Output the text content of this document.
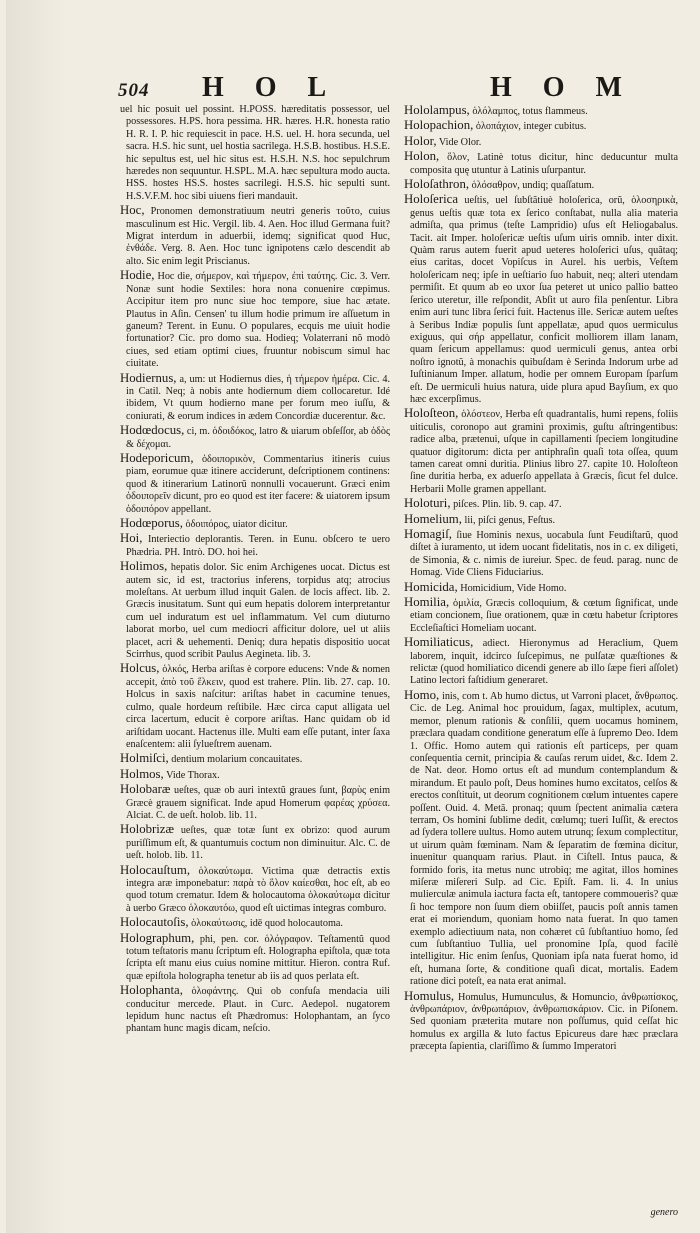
504 H O L	H O M
uel hic posuit uel possint. H.POSS. hæreditatis possessor, uel possessores. H.PS. hora pessima. HR. hæres. H.R. honesta ratio H. R. I. P. hic requiescit in pace. H.S. uel. H. hora secunda, uel sacra. H.S. hic sunt, uel hostia sacrilega. H.S.B. hostibus. H.S.E. hic sepultus est, uel hic situs est. H.S.H. N.S. hoc sepulchrum hæredes non sequuntur. H.SPL. M.A. hæc sepultura modo aucta. HSS. hostes HS.S. hostes sacrilegi. H.S.S. hic sepulti sunt. H.S.V.F.M. hoc sibi uiuens fieri mandauit.
Hoc, Pronomen demonstratiuum neutri generis τοῦτο, cuius masculinum est Hic. Vergil. lib. 4. Aen. Hoc illud Germana fuit? Migrat interdum in aduerbii, idemq; significat quod Huc, ἐνθάδε. Verg. 8. Aen. Hoc tunc ignipotens cælo descendit ab alto. Sic enim legit Priscianus.
Hodie, Hoc die, σήμερον, καὶ τήμερον, ἐπὶ ταύτης. Cic. 3. Verr. Nonæ sunt hodie Sextiles: hora nona conuenire cœpimus. Accipitur item pro nunc siue hoc tempore, siue hac ætate. Plautus in Aſin. Censen' tu illum hodie primum ire aſſuetum in ganeum? Terent. in Eunu. O populares, ecquis me uiuit hodie fortunatior? Cic. pro domo sua. Hodieq; Volaterrani nõ modò ciues, sed etiam optimi ciues, fruuntur nobiscum simul hac ciuitate.
Hodiernus, a, um: ut Hodiernus dies, ἡ τήμερον ἡμέρα. Cic. 4. in Catil. Neq; à nobis ante hodiernum diem collocaretur. Idé ibidem, Vt quum hodierno mane per forum meo iuſſu, & coniurati, & eorum indices in ædem Concordiæ ducerentur. &c.
Hodœdocus, ci, m. ὁδοιδόκος, latro & uiarum obſeſſor, ab ὁδὸς & δέχομαι.
Hodeporicum, ὁδοιπορικὸν, Commentarius itineris cuius piam, eorumue quæ itinere acciderunt, deſcriptionem continens: quod & itinerarium Latinorũ nonnulli vocauerunt. Græci enim ὁδοιπορεῖν dicunt, pro eo quod est iter facere: & uiatorem ipsum ὁδοιπόρον appellant.
Hodœporus, ὁδοιπόρος, uiator dicitur.
Hoi, Interiectio deplorantis. Teren. in Eunu. obſcero te uero Phædria. PH. Intrò. DO. hoi hei.
Holimos, hepatis dolor. Sic enim Archigenes uocat. Dictus est autem sic, id est, tractorius inferens, torpidus atq; atrocius moleſtans. At uerbum illud inquit Galen. de locis affect. lib. 2. Græcis inusitatum. Sunt qui eum hepatis dolorem interpretantur cum uel induratum est uel inflammatum. Vel cum diuturno laborat morbo, uel cum mediocri afficitur dolore, uel ut aliis placet, acri & uehementi. Deniq; dura hepatis dispositio uocat Scirrhus, quod scribit Paulus Aegineta. lib. 3.
Holcus, ὁλκός, Herba ariſtas è corpore educens: Vnde & nomen accepit, ἀπὸ τοῦ ἕλκειν, quod est trahere. Plin. lib. 27. cap. 10. Holcus in saxis naſcitur: ariſtas habet in cacumine tenues, culmo, quale hordeum reſtibile. Hæc circa caput alligata uel circa lacertum, educit è corpore ariſtas. Hanc quidam ob id ariſtidam uocant. Hactenus ille. Multi eam eſſe putant, inter ſaxa enaſcentem: alii ſylueſtrem auenam.
Holmiſci, dentium molarium concauitates.
Holmos, Vide Thorax.
Holobaræ ueſtes, quæ ob auri intextũ graues ſunt, βαρὺς enim Græcè grauem significat. Inde apud Homerum φαρέας χρύσεα. Alciat. C. de ueſt. holob. lib. 11.
Holobrizæ ueſtes, quæ totæ ſunt ex obrizo: quod aurum puriſſimum eſt, & quantumuis coctum non diminuitur. Alc. C. de ueſt. holob. lib. 11.
Holocauſtum, ὁλοκαύτωμα. Victima quæ detractis extis integra aræ imponebatur: παρὰ τὸ ὅλον καίεσθαι, hoc eſt, ab eo quod totum crematur. Idem & holocautoma ὁλοκαύτωμα dicitur à uerbo Græco ὁλοκαυτόω, quod eſt uictimas integras comburo.
Holocautoſis, ὁλοκαύτωσις, idē quod holocautoma.
Holographum, phi, pen. cor. ὁλόγραφον. Teſtamentũ quod totum teſtatoris manu ſcriptum eſt. Holographa epiſtola, quæ tota ſcripta eſt manu eius cuius nomine mittitur. Hieron. contra Ruf. quæ epiſtola holographa tenetur ab iis ad quos perlata eſt.
Holophanta, ὁλοφάντης. Qui ob confuſa mendacia uili conducitur mercede. Plaut. in Curc. Aedepol. nugatorem lepidum hunc nactus eſt Phædromus: Holophantam, an ſyco phantam hunc magis dicam, neſcio.
Hololampus, ὁλόλαμπος, totus flammeus.
Holopachion, ὁλοπάχιον, integer cubitus.
Holor, Vide Olor.
Holon, ὅλον, Latinè totus dicitur, hinc deducuntur multa composita quę utuntur à Latinis uſurpantur.
Holoſathron, ὁλόσαθρον, undiq; quaſſatum.
Holoſerica ueſtis, uel ſubſtãtiuè holoſerica, orũ, ὁλοσηρικὰ, genus ueſtis quæ tota ex ſerico conſtabat, nulla alia materia admiſta, qua primus (teſte Lampridio) uſus eſt Heliogabalus. Tacit. ait Imper. holoſericæ ueſtis uſum uiris omnib. inter dixit. Quàm rarus autem fuerit apud ueteres holoſerici uſus, quãtaq; eius caritas, docet Vopiſcus in Aurel. his uerbis, Veſtem holoſericam neq; ipſe in ueſtiario ſuo habuit, neq; alteri utendam permiſit. Et quum ab eo uxor ſua peteret ut unico pallio batteo ſerico uteretur, ille reſpondit, Abſit ut auro fila penſentur. Libra enim auri tunc libra ſerici fuit. Hactenus ille. Sericæ autem ueſtes à Seribus Indiæ populis ſunt appellatæ, apud quos uermiculus exiguus, qui σήρ appellatur, conficit molliorem illam lanam, quam ſericum appellamus: quod uermiculi genus, antea orbi noſtro ignotũ, à monachis quibuſdam è Serinda Indorum urbe ad Iuſtinianum Imper. allatum, hodie per omnem Europam ſparſum eſt. De uermiculi huius natura, uide plura apud Bayſium, ex quo hæc excerpſimus.
Holoſteon, ὁλόστεον, Herba eſt quadrantalis, humi repens, foliis uiticulis, coronopo aut graminì proximis, guſtu aſtringentibus: radice alba, prætenui, uſque in capillamenti ſpeciem longitudine quatuor digitorum: dicta per antiphraſin quaſi tota oſſea, quum tamen careat omni duritia. Plinius libro 27. capite 10. Holoſteon ſine duritia herba, ex aduerſo appellata à Græcis, ſicut fel dulce. Herbarii Molle gramen appellant.
Holoturi, piſces. Plin. lib. 9. cap. 47.
Homelium, lii, piſci genus, Feſtus.
Homagiſ, ſiue Hominis nexus, uocabula ſunt Feudiſtarũ, quod diſtet à iuramento, ut idem uocant fidelitatis, nos in c. ex diligeti, de Simonia, & c. nimis de iureiur. Spec. de feud. parag. nunc de Homag. Vide Cliens Fiduciarius.
Homicida, Homicidium, Vide Homo.
Homilia, ὁμιλία, Græcis colloquium, & cœtum ſignificat, unde etiam concionem, ſiue orationem, quæ in cœtu habetur ſcriptores Eccleſiaſtici Homeliam uocant.
Homiliaticus, adiect. Hieronymus ad Heraclium, Quem laborem, inquit, idcirco ſuſcepimus, ne pulſatæ quæſtiones & relictæ (quod homiliatico dicendi genere ab illo ſæpe fieri aſſolet) Latino lectori faſtidium generaret.
Homo, inis, com t. Ab humo dictus, ut Varroni placet, ἄνθρωπος. Cic. de Leg. Animal hoc prouidum, ſagax, multiplex, acutum, memor, plenum rationis & conſilii, quem uocamus hominem, præclara quadam conditione generatum eſſe à ſupremo Deo. Idem 1. Offic. Homo autem qui rationis eſt particeps, per quam conſequentia cernit, principia & cauſas rerum uidet, &c. Idem 2. de Nat. deor. Homo ortus eſt ad mundum contemplandum & mirandum. Et paulo poſt, Deus homines humo excitatos, celſos & erectos conſtituit, ut deorum cognitionem cœlum intuentes capere poſſent. Ouid. 4. Metã. pronaq; quum ſpectent animalia cætera terram, Os homini ſublime dedit, cœlumq; tueri Iuſſit, & erectos ad ſydera tollere uultus. Homo autem utrunq; ſexum complectitur, ut uirum quàm fœminam. Nam & ſeparatim de fœmina dicitur, inuenitur quanquam rarius. Plaut. in Ciſtell. Intus pauca, & formido foris, ita metus nunc utrobiq; me agitat, illos homines miſeræ miſereri Sulp. ad Cic. Epiſt. Fam. li. 4. In unius mulierculæ animula iactura facta eſt, tantopere commoueris? quæ ſi hoc tempore non ſuum diem obiiſſet, paucis poſt annis tamen erat ei moriendum, quoniam homo nata fuerat. In quo tamen exemplo adiectiuum nata, non cohæret cũ ſubſtantiuo homo, ſed cum ſubſtantiuo Tullia, uel pronomine Ipſa, quod facilè intelligitur. Hic enim ſenſus, Quoniam ipſa nata fuerat homo, id eſt, humana ſorte, & conditione quaſi dicat, mortalis. Eadem ratione dici poteſt, ea nata erat animal.
Homulus, Homulus, Humunculus, & Homuncio, ἀνθρωπίσκος, ἀνθρωπάριον, ἀνθρωπάριον, ἀνθρωπισκάριον. Cic. in Piſonem. Sed quoniam præterita mutare non poſſumus, quid ceſſat hic homulus ex argilla & luto factus Epicureus dare hæc præclara præcepta ſapientia, clariſſimo & ſummo Imperatori
genero
